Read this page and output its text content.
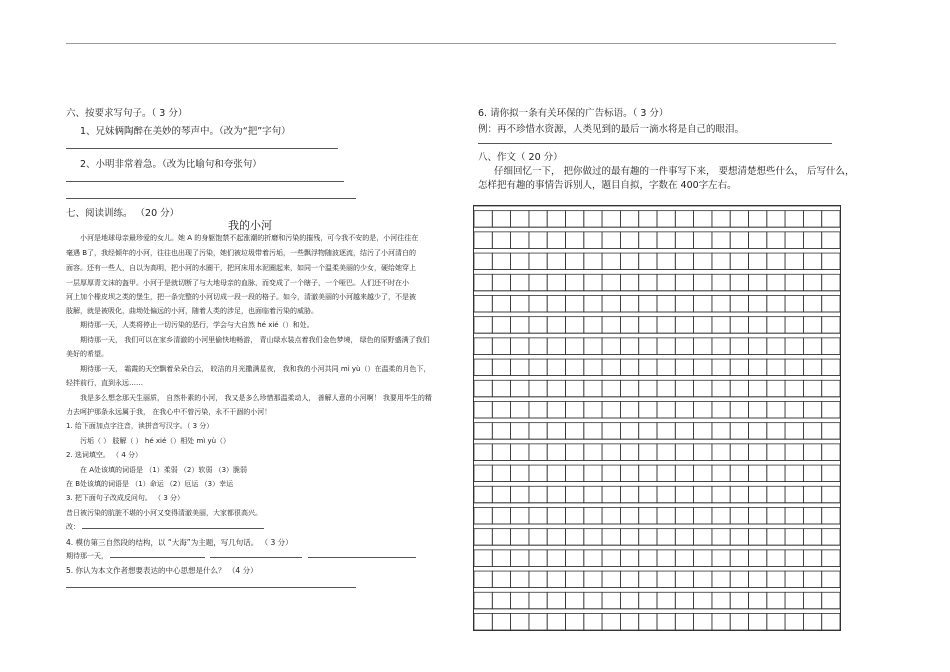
六、按要求写句子。（ 3 分）
1、兄妹俩陶醉在美妙的琴声中。（改为“把”字句）
2、小明非常着急。（改为比喻句和夸张句）
七、阅读训练。 （20 分）
我的小河
小河是地球母亲最珍爱的女儿。她 A 的身躯饱禁不起涨潮的折磨和污染的摧残，可今我不安的是，小河往往在
毫遇 B了，我经倾年的小河，往往也出现了污染，她们被垃圾带着污垢，一些飘浮物随波逐流，结污了小河清白的
面容。还有一些人，自以为高明，把小河的水圈干，把河床用水泥圈起来，如同一个温柔美丽的少女，硬给她穿上
一层厚厚青文沫的盔甲。小河于是就切断了与大地母亲的血脉，而变成了一个瞎子，一个哑巴。人们还不时在小
河上加个橡皮坝之类的堡生，把一条完整的小河切成一段一段的格子。如今，清澈美丽的小河越来越少了，不是被
肢解，就是被吸化，曲坳处偏远的小河，随着人类的涉足，也面临着污染的威胁。
期待那一天，人类将停止一切污染的恶行，学会与大自然 hé xié（）和处。
期待那一天， 我们可以在家乡清澈的小河里偷快地畅游， 青山绿水装点着我们金色梦境， 绿色的原野盛满了我们
美好的希望。
期待那一天， 霜霞的天空飘着朵朵白云， 皎洁的月光撒满星夜， 我和我的小河共同 mì yù（）在温柔的月色下，
轻拌前行，直到永远……
我是多么想念那天生丽质， 自然朴素的小河， 我又是多么珍惜那温柔动人， 善解人意的小河啊！ 我要用毕生的精
力去呵护那条永远属于我， 在我心中不曾污染，永不干涸的小河！
1. 给下面加点字注音，读拼音写汉字。（ 3 分）
污垢（ ） 肢解（ ） hé xié（）相处 mì yù（）
2. 选词填空。 （ 4 分）
在 A处该填的词语是 （1）柔弱 （2）软弱 （3）脆弱
在 B处该填的词语是 （1）命运 （2）厄运 （3）幸运
3. 把下面句子改成反问句。 （ 3 分）
昔日被污染的肮脏不堪的小河又变得清澈美丽，大家都很高兴。
改：
4. 模仿第三自然段的结构，以 “大海”为主题，写几句话。 （ 3 分）
期待那一天，
5. 你认为本文作者想要表达的中心思想是什么？ （4 分）
6. 请你拟一条有关环保的广告标语。（ 3 分）
例：再不珍惜水资源，人类见到的最后一滴水将是自己的眼泪。
八、作文（ 20 分）
仔细回忆一下， 把你做过的最有趣的一件事写下来， 要想清楚想些什么， 后写什么，
怎样把有趣的事情告诉别人，题目自拟，字数在 400字左右。
